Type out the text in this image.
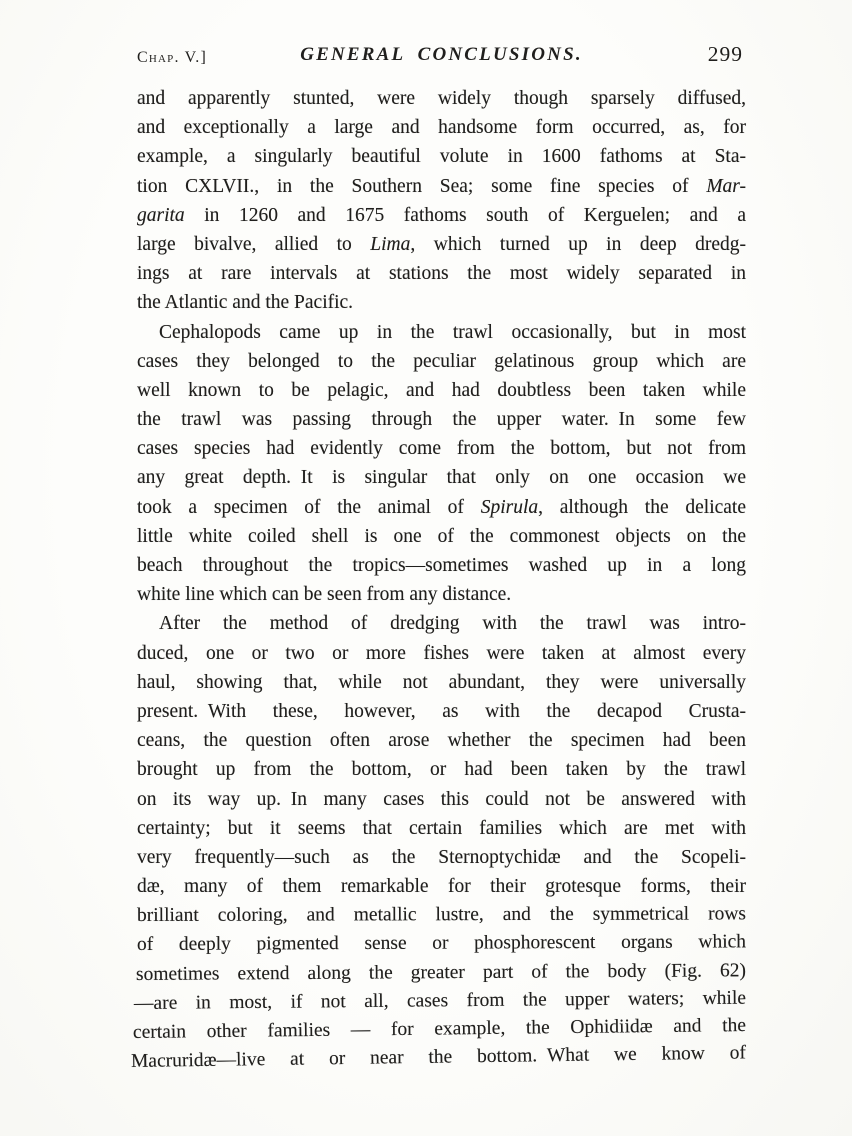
Chap. V.]	GENERAL CONCLUSIONS.	299
and apparently stunted, were widely though sparsely diffused,
and exceptionally a large and handsome form occurred, as, for
example, a singularly beautiful volute in 1600 fathoms at Sta-
tion CXLVII., in the Southern Sea; some fine species of Mar-
garita in 1260 and 1675 fathoms south of Kerguelen; and a
large bivalve, allied to Lima, which turned up in deep dredg-
ings at rare intervals at stations the most widely separated in
the Atlantic and the Pacific.
Cephalopods came up in the trawl occasionally, but in most
cases they belonged to the peculiar gelatinous group which are
well known to be pelagic, and had doubtless been taken while
the trawl was passing through the upper water. In some few
cases species had evidently come from the bottom, but not from
any great depth. It is singular that only on one occasion we
took a specimen of the animal of Spirula, although the delicate
little white coiled shell is one of the commonest objects on the
beach throughout the tropics—sometimes washed up in a long
white line which can be seen from any distance.
After the method of dredging with the trawl was intro-
duced, one or two or more fishes were taken at almost every
haul, showing that, while not abundant, they were universally
present. With these, however, as with the decapod Crusta-
ceans, the question often arose whether the specimen had been
brought up from the bottom, or had been taken by the trawl
on its way up. In many cases this could not be answered with
certainty; but it seems that certain families which are met with
very frequently—such as the Sternoptychidæ and the Scopeli-
dæ, many of them remarkable for their grotesque forms, their
brilliant coloring, and metallic lustre, and the symmetrical rows
of deeply pigmented sense or phosphorescent organs which
sometimes extend along the greater part of the body (Fig. 62)
—are in most, if not all, cases from the upper waters; while
certain other families — for example, the Ophidiidæ and the
Macruridæ—live at or near the bottom. What we know of
